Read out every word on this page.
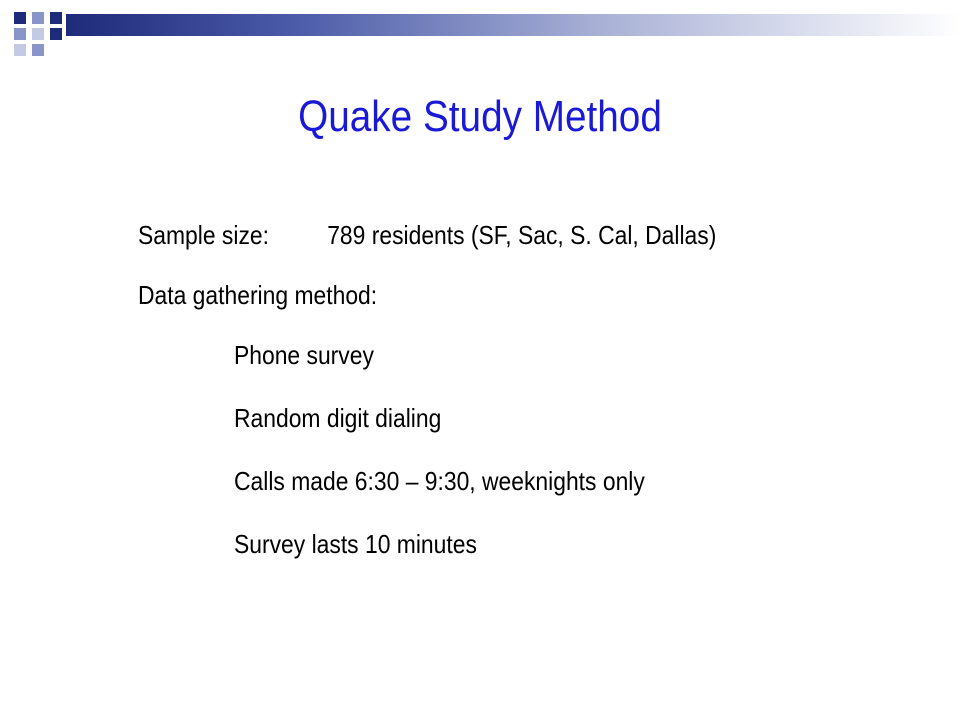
Quake Study Method
Sample size: 789 residents (SF, Sac, S. Cal, Dallas)
Data gathering method:
Phone survey
Random digit dialing
Calls made 6:30 – 9:30, weeknights only
Survey lasts 10 minutes
